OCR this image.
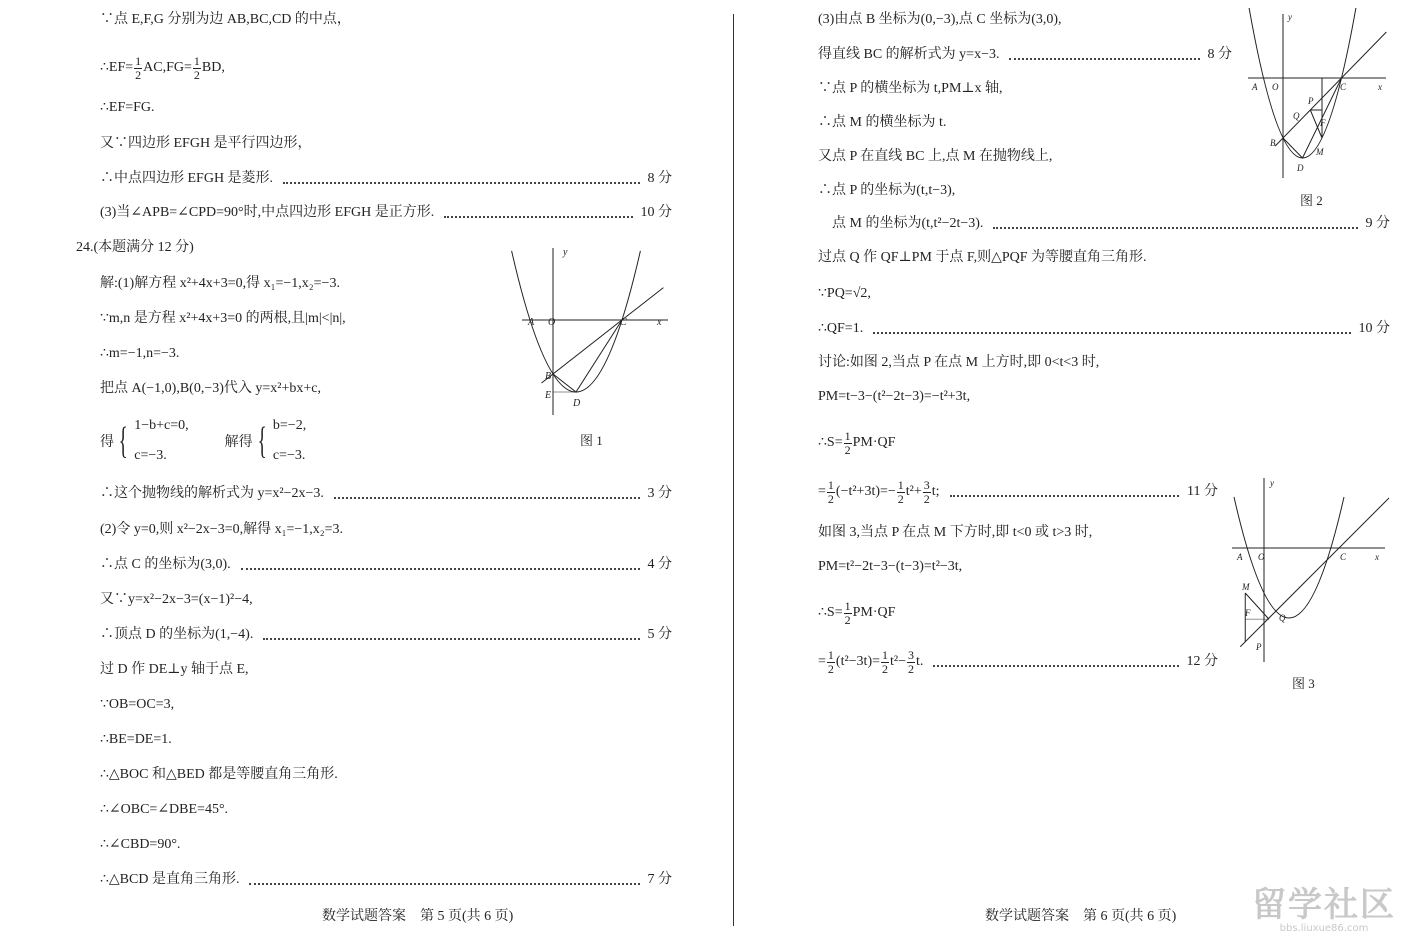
∵点 E,F,G 分别为边 AB,BC,CD 的中点，
∴EF= $\frac{1}{2} AC,FG= \frac{1}{2}$ BD,
∴EF=FG.
又∵四边形 EFGH 是平行四边形，
∴中点四边形 EFGH 是菱形.	8 分
(3)当∠APB=∠CPD=90°时,中点四边形 EFGH 是正方形.	10 分
24.(本题满分 12 分)
解:(1)解方程 x²+4x+3=0,得 x₁=−1,x₂=−3.
∵m,n 是方程 x²+4x+3=0 的两根,且|m|<|n|,
∴m=−1,n=−3.
把点 A(−1,0),B(0,−3)代入 y=x²+bx+c,
得 { 1−b+c=0,
c=−3.
解得 { b=−2,
c=−3.
∴这个抛物线的解析式为 y=x²−2x−3.	3 分
(2)令 y=0,则 x²−2x−3=0,解得 x₁=−1,x₂=3.
∴点 C 的坐标为(3,0).	4 分
又∵y=x²−2x−3=(x−1)²−4,
∴顶点 D 的坐标为(1,−4).	5 分
过 D 作 DE⊥y 轴于点 E,
∵OB=OC=3,
∴BE=DE=1.
∴△BOC 和△BED 都是等腰直角三角形.
∴∠OBC=∠DBE=45°.
∴∠CBD=90°.
∴△BCD 是直角三角形.	7 分
数学试题答案　第 5 页(共 6 页)
y
x
A O	C
B
E
D
图 1
(3)由点 B 坐标为(0,−3),点 C 坐标为(3,0),
得直线 BC 的解析式为 y=x−3.	8 分
∵点 P 的横坐标为 t,PM⊥x 轴,
∴点 M 的横坐标为 t.
又点 P 在直线 BC 上,点 M 在抛物线上,
∴点 P 的坐标为(t,t−3),
点 M 的坐标为(t,t²−2t−3).	9 分
过点 Q 作 QF⊥PM 于点 F,则△PQF 为等腰直角三角形.
∵PQ=√2,
∴QF=1.	10 分
讨论:如图 2,当点 P 在点 M 上方时,即 0<t<3 时,
PM=t−3−(t²−2t−3)=−t²+3t,
∴S= $\frac{1}{2} PM\cdot QF$
= $\frac{1}{2} (-t^2+3t)=- \frac{1}{2} t^2+ \frac{3}{2} t$;	11 分
如图 3,当点 P 在点 M 下方时,即 t<0 或 t>3 时,
PM=t²−2t−3−(t−3)=t²−3t,
∴S= $\frac{1}{2} PM\cdot QF$
= $\frac{1}{2} (t^2-3t)= \frac{1}{2} t^2- \frac{3}{2} t$.	12 分
数学试题答案　第 6 页(共 6 页)
y
x
A O	C
P
Q
F
B
M
D
图 2
y
x
A O	C
M
F	Q
P
图 3
留学社区
bbs.liuxue86.com
